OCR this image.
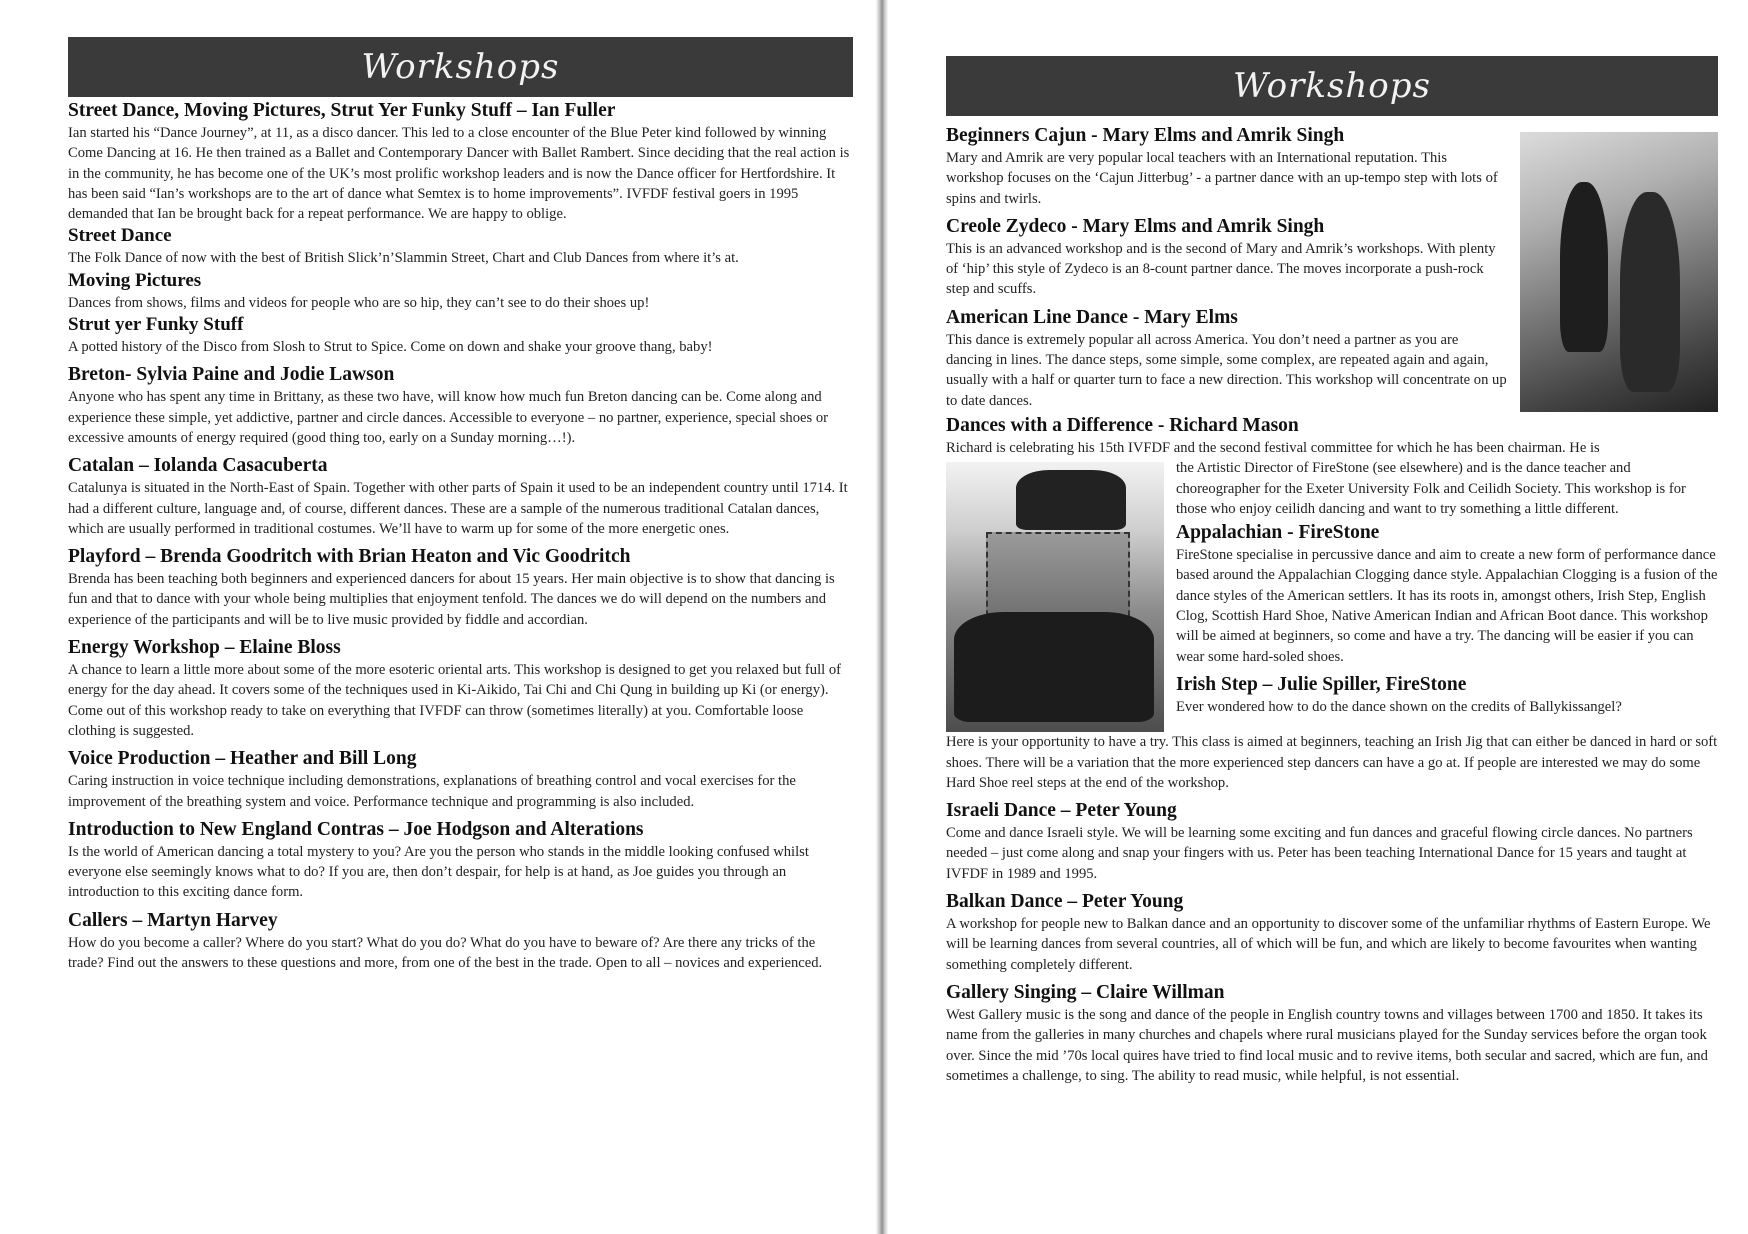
Workshops
Street Dance, Moving Pictures, Strut Yer Funky Stuff – Ian Fuller

Ian started his “Dance Journey”, at 11, as a disco dancer. This led to a close encounter of the Blue Peter kind followed by winning Come Dancing at 16. He then trained as a Ballet and Contemporary Dancer with Ballet Rambert. Since deciding that the real action is in the community, he has become one of the UK’s most prolific workshop leaders and is now the Dance officer for Hertfordshire. It has been said “Ian’s workshops are to the art of dance what Semtex is to home improvements”. IVFDF festival goers in 1995 demanded that Ian be brought back for a repeat performance. We are happy to oblige.

Street Dance

The Folk Dance of now with the best of British Slick’n’Slammin Street, Chart and Club Dances from where it’s at.

Moving Pictures

Dances from shows, films and videos for people who are so hip, they can’t see to do their shoes up!

Strut yer Funky Stuff

A potted history of the Disco from Slosh to Strut to Spice. Come on down and shake your groove thang, baby!

Breton- Sylvia Paine and Jodie Lawson

Anyone who has spent any time in Brittany, as these two have, will know how much fun Breton dancing can be. Come along and experience these simple, yet addictive, partner and circle dances. Accessible to everyone – no partner, experience, special shoes or excessive amounts of energy required (good thing too, early on a Sunday morning…!).

Catalan – Iolanda Casacuberta

Catalunya is situated in the North-East of Spain. Together with other parts of Spain it used to be an independent country until 1714. It had a different culture, language and, of course, different dances. These are a sample of the numerous traditional Catalan dances, which are usually performed in traditional costumes. We’ll have to warm up for some of the more energetic ones.

Playford – Brenda Goodritch with Brian Heaton and Vic Goodritch

Brenda has been teaching both beginners and experienced dancers for about 15 years. Her main objective is to show that dancing is fun and that to dance with your whole being multiplies that enjoyment tenfold. The dances we do will depend on the numbers and experience of the participants and will be to live music provided by fiddle and accordian.

Energy Workshop – Elaine Bloss

A chance to learn a little more about some of the more esoteric oriental arts. This workshop is designed to get you relaxed but full of energy for the day ahead. It covers some of the techniques used in Ki-Aikido, Tai Chi and Chi Qung in building up Ki (or energy). Come out of this workshop ready to take on everything that IVFDF can throw (sometimes literally) at you. Comfortable loose clothing is suggested.

Voice Production – Heather and Bill Long

Caring instruction in voice technique including demonstrations, explanations of breathing control and vocal exercises for the improvement of the breathing system and voice. Performance technique and programming is also included.

Introduction to New England Contras – Joe Hodgson and Alterations

Is the world of American dancing a total mystery to you? Are you the person who stands in the middle looking confused whilst everyone else seemingly knows what to do? If you are, then don’t despair, for help is at hand, as Joe guides you through an introduction to this exciting dance form.

Callers – Martyn Harvey

How do you become a caller? Where do you start? What do you do? What do you have to beware of? Are there any tricks of the trade? Find out the answers to these questions and more, from one of the best in the trade. Open to all – novices and experienced.

Workshops
Beginners Cajun - Mary Elms and Amrik Singh

Mary and Amrik are very popular local teachers with an International reputation. This workshop focuses on the ‘Cajun Jitterbug’ - a partner dance with an up-tempo step with lots of spins and twirls.

Creole Zydeco - Mary Elms and Amrik Singh

This is an advanced workshop and is the second of Mary and Amrik’s workshops. With plenty of ‘hip’ this style of Zydeco is an 8-count partner dance. The moves incorporate a push-rock step and scuffs.

American Line Dance - Mary Elms

This dance is extremely popular all across America. You don’t need a partner as you are dancing in lines. The dance steps, some simple, some complex, are repeated again and again, usually with a half or quarter turn to face a new direction. This workshop will concentrate on up to date dances.

Dances with a Difference - Richard Mason

Richard is celebrating his 15th IVFDF and the second festival committee for which he has been chairman. He is

the Artistic Director of FireStone (see elsewhere) and is the dance teacher and choreographer for the Exeter University Folk and Ceilidh Society. This workshop is for those who enjoy ceilidh dancing and want to try something a little different.

Appalachian - FireStone

FireStone specialise in percussive dance and aim to create a new form of performance dance based around the Appalachian Clogging dance style. Appalachian Clogging is a fusion of the dance styles of the American settlers. It has its roots in, amongst others, Irish Step, English Clog, Scottish Hard Shoe, Native American Indian and African Boot dance. This workshop will be aimed at beginners, so come and have a try. The dancing will be easier if you can wear some hard-soled shoes.

Irish Step – Julie Spiller, FireStone

Ever wondered how to do the dance shown on the credits of Ballykissangel?

Here is your opportunity to have a try. This class is aimed at beginners, teaching an Irish Jig that can either be danced in hard or soft shoes. There will be a variation that the more experienced step dancers can have a go at. If people are interested we may do some Hard Shoe reel steps at the end of the workshop.

Israeli Dance – Peter Young

Come and dance Israeli style. We will be learning some exciting and fun dances and graceful flowing circle dances. No partners needed – just come along and snap your fingers with us. Peter has been teaching International Dance for 15 years and taught at IVFDF in 1989 and 1995.

Balkan Dance – Peter Young

A workshop for people new to Balkan dance and an opportunity to discover some of the unfamiliar rhythms of Eastern Europe. We will be learning dances from several countries, all of which will be fun, and which are likely to become favourites when wanting something completely different.

Gallery Singing – Claire Willman

West Gallery music is the song and dance of the people in English country towns and villages between 1700 and 1850. It takes its name from the galleries in many churches and chapels where rural musicians played for the Sunday services before the organ took over. Since the mid ’70s local quires have tried to find local music and to revive items, both secular and sacred, which are fun, and sometimes a challenge, to sing. The ability to read music, while helpful, is not essential.
